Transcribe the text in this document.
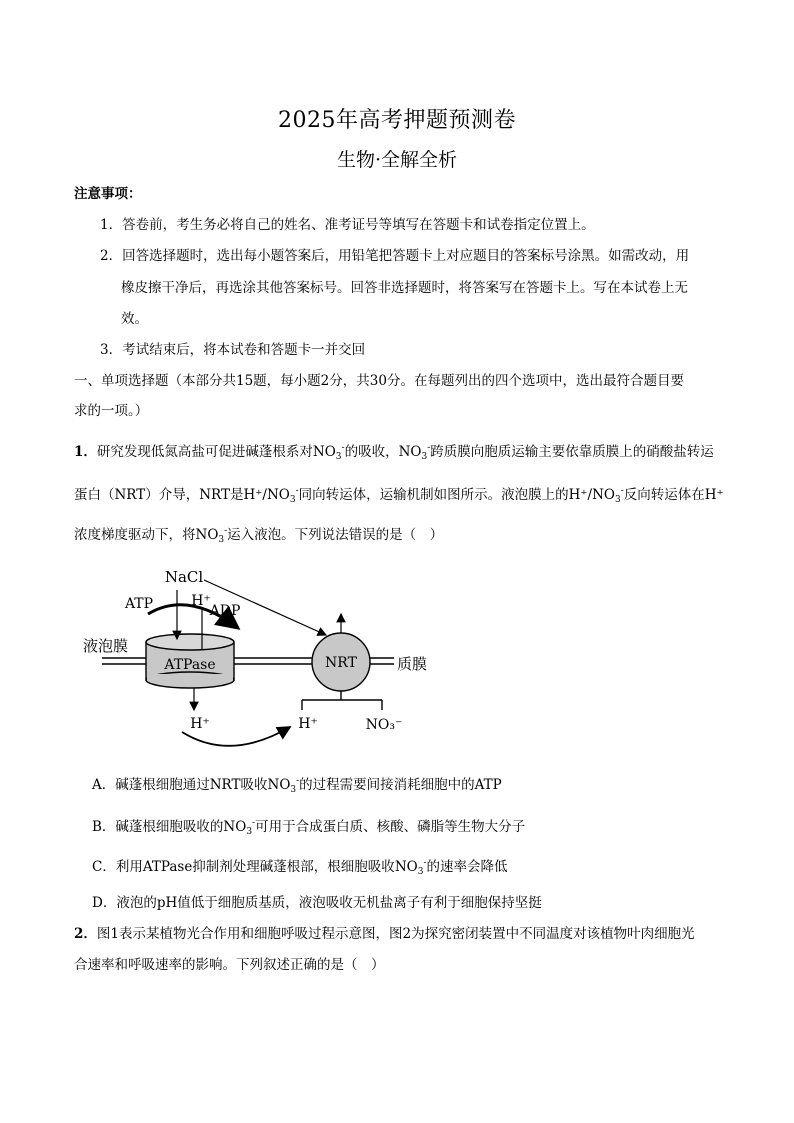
2025年高考押题预测卷
生物·全解全析
注意事项：
1．答卷前，考生务必将自己的姓名、准考证号等填写在答题卡和试卷指定位置上。
2．回答选择题时，选出每小题答案后，用铅笔把答题卡上对应题目的答案标号涂黑。如需改动，用
橡皮擦干净后，再选涂其他答案标号。回答非选择题时，将答案写在答题卡上。写在本试卷上无
效。
3．考试结束后，将本试卷和答题卡一并交回
一、单项选择题（本部分共15题，每小题2分，共30分。在每题列出的四个选项中，选出最符合题目要
求的一项。）
1．研究发现低氮高盐可促进碱蓬根系对$NO_3^-$的吸收，$NO_3^-$跨质膜向胞质运输主要依靠质膜上的硝酸盐转运
蛋白（NRT）介导，NRT是$H^+/NO_3^-$同向转运体，运输机制如图所示。液泡膜上的$H^+/NO_3^-$反向转运体在H⁺
浓度梯度驱动下，将$NO_3^-$运入液泡。下列说法错误的是（　）
ATPase	NRT
NaCl
ATP	H⁺
ADP
液泡膜
质膜
H⁺	H⁺	NO₃⁻
A．碱蓬根细胞通过NRT吸收$NO_3^-$的过程需要间接消耗细胞中的ATP
B．碱蓬根细胞吸收的$NO_3^-$可用于合成蛋白质、核酸、磷脂等生物大分子
C．利用ATPase抑制剂处理碱蓬根部，根细胞吸收$NO_3^-$的速率会降低
D．液泡的pH值低于细胞质基质，液泡吸收无机盐离子有利于细胞保持坚挺
2．图1表示某植物光合作用和细胞呼吸过程示意图，图2为探究密闭装置中不同温度对该植物叶肉细胞光
合速率和呼吸速率的影响。下列叙述正确的是（　）
